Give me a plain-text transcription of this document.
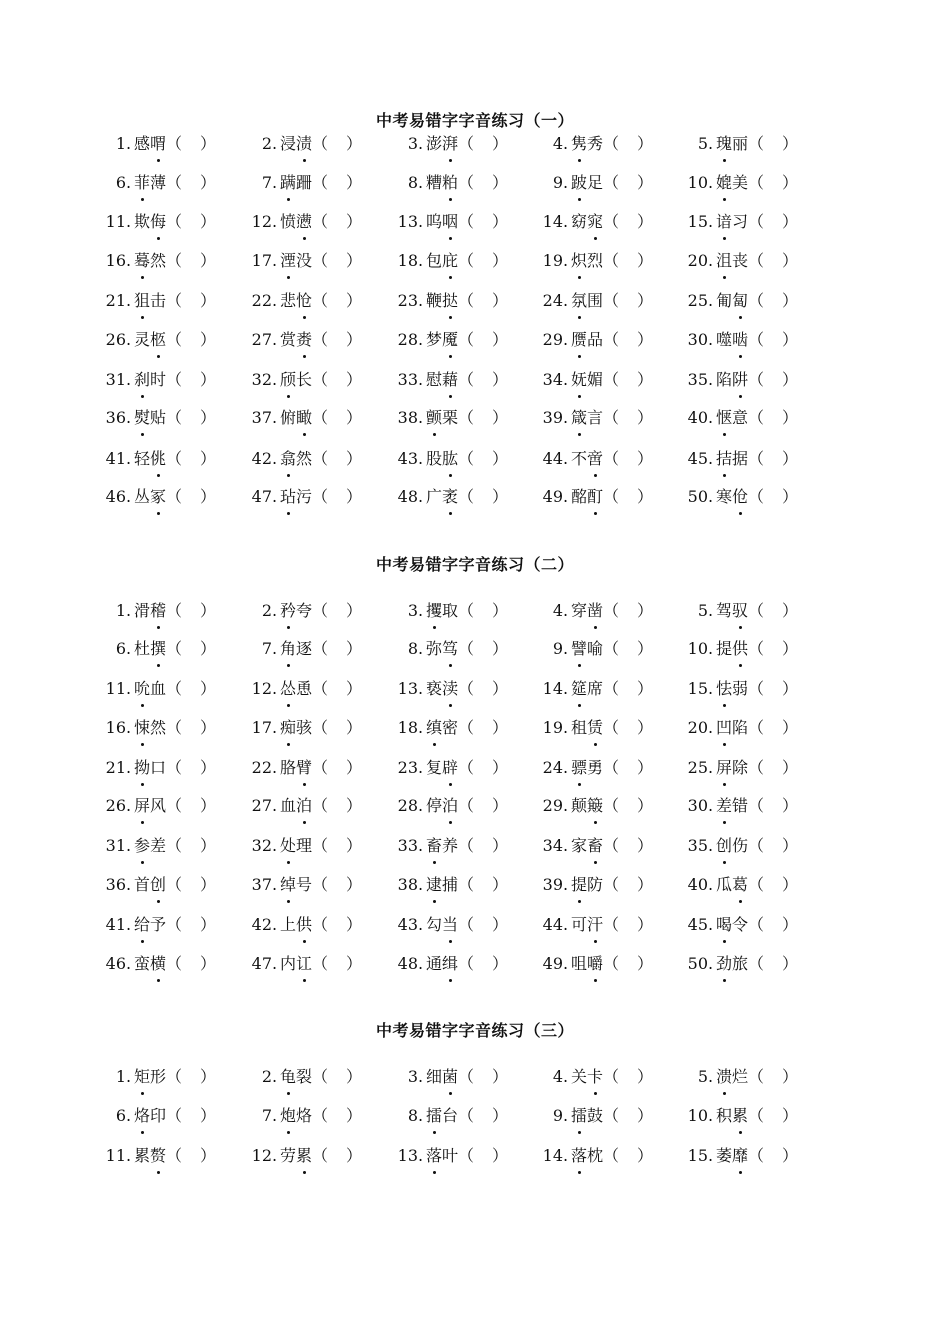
中考易错字字音练习（一）
1. 感喟 （   ）	2. 浸渍 （   ）	3. 澎湃 （   ）	4. 隽秀 （   ）	5. 瑰丽（   ）
6. 菲薄 （   ）	7. 蹒跚 （   ）	8. 糟粕 （   ）	9. 跛足 （   ）	10. 媲美（   ）
11. 欺侮 （   ）	12. 愤懑 （   ）	13. 呜咽 （   ）	14. 窈窕 （   ）	15. 谙习（   ）
16. 蓦然 （   ）	17. 湮没 （   ）	18. 包庇 （   ）	19. 炽烈 （   ）	20. 沮丧（   ）
21. 狙击 （   ）	22. 悲怆 （   ）	23. 鞭挞 （   ）	24. 氛围 （   ）	25. 匍匐（   ）
26. 灵柩 （   ）	27. 赏赉 （   ）	28. 梦魇 （   ）	29. 赝品 （   ）	30. 噬啮（   ）
31. 刹时 （   ）	32. 颀长 （   ）	33. 慰藉 （   ）	34. 妩媚 （   ）	35. 陷阱（   ）
36. 熨贴 （   ）	37. 俯瞰 （   ）	38. 颤栗 （   ）	39. 箴言 （   ）	40. 惬意（   ）
41. 轻佻 （   ）	42. 翕然 （   ）	43. 股肱 （   ）	44. 不啻 （   ）	45. 拮据（   ）
46. 丛冢 （   ）	47. 玷污 （   ）	48. 广袤 （   ）	49. 酩酊 （   ）	50. 寒伧（   ）
中考易错字字音练习（二）
1. 滑稽 （   ）	2. 矜夸 （   ）	3. 攫取 （   ）	4. 穿凿 （   ）	5. 驾驭（   ）
6. 杜撰 （   ）	7. 角逐 （   ）	8. 弥笃 （   ）	9. 譬喻 （   ）	10. 提供（   ）
11. 吮血 （   ）	12. 怂恿 （   ）	13. 亵渎 （   ）	14. 筵席 （   ）	15. 怯弱（   ）
16. 悚然 （   ）	17. 痴骇 （   ）	18. 缜密 （   ）	19. 租赁 （   ）	20. 凹陷（   ）
21. 拗口 （   ）	22. 胳臂 （   ）	23. 复辟 （   ）	24. 骠勇 （   ）	25. 屏除（   ）
26. 屏风 （   ）	27. 血泊 （   ）	28. 停泊 （   ）	29. 颠簸 （   ）	30. 差错（   ）
31. 参差 （   ）	32. 处理 （   ）	33. 畜养 （   ）	34. 家畜 （   ）	35. 创伤（   ）
36. 首创 （   ）	37. 绰号 （   ）	38. 逮捕 （   ）	39. 提防 （   ）	40. 瓜葛（   ）
41. 给予 （   ）	42. 上供 （   ）	43. 勾当 （   ）	44. 可汗 （   ）	45. 喝令（   ）
46. 蛮横 （   ）	47. 内讧 （   ）	48. 通缉 （   ）	49. 咀嚼 （   ）	50. 劲旅（   ）
中考易错字字音练习（三）
1. 矩形 （   ）	2. 龟裂 （   ）	3. 细菌 （   ）	4. 关卡 （   ）	5. 溃烂（   ）
6. 烙印 （   ）	7. 炮烙 （   ）	8. 擂台 （   ）	9. 擂鼓 （   ）	10. 积累（   ）
11. 累赘 （   ）	12. 劳累 （   ）	13. 落叶 （   ）	14. 落枕 （   ）	15. 萎靡（   ）
